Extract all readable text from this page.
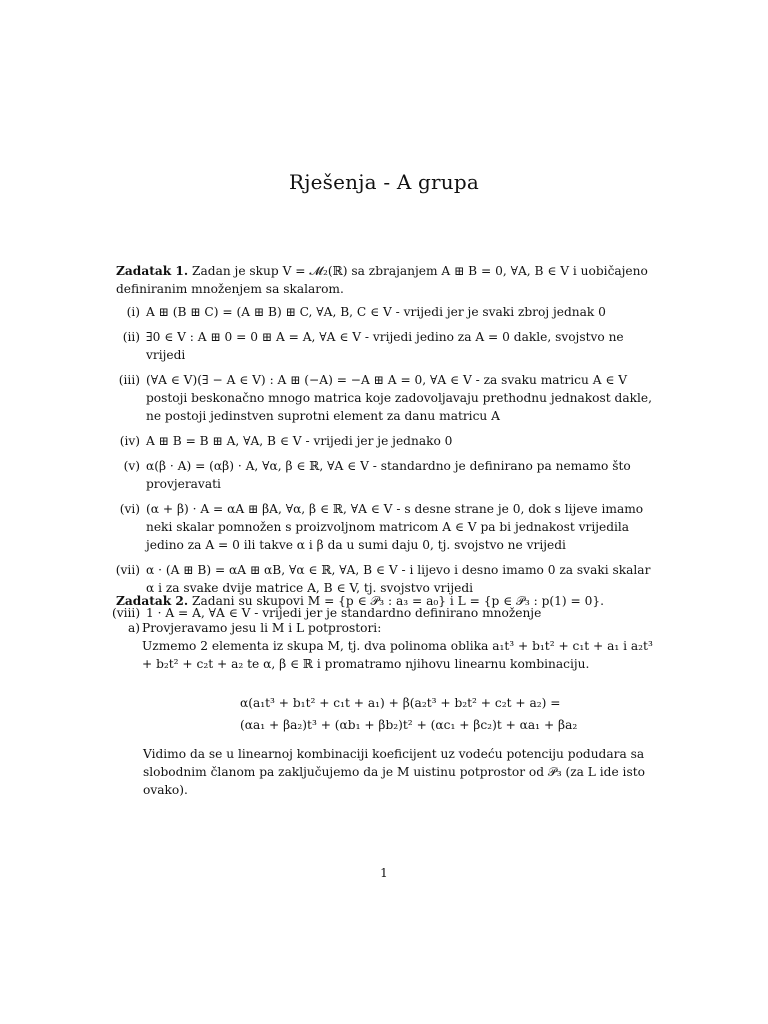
Rješenja - A grupa
Zadatak 1. Zadan je skup V = 𝓜₂(ℝ) sa zbrajanjem A ⊞ B = 0, ∀A, B ∈ V i uobičajeno definiranim množenjem sa skalarom.
(i) A ⊞ (B ⊞ C) = (A ⊞ B) ⊞ C, ∀A, B, C ∈ V - vrijedi jer je svaki zbroj jednak 0
(ii) ∃0 ∈ V : A ⊞ 0 = 0 ⊞ A = A, ∀A ∈ V - vrijedi jedino za A = 0 dakle, svojstvo ne vrijedi
(iii) (∀A ∈ V)(∃ − A ∈ V) : A ⊞ (−A) = −A ⊞ A = 0, ∀A ∈ V - za svaku matricu A ∈ V postoji beskonačno mnogo matrica koje zadovoljavaju prethodnu jednakost dakle, ne postoji jedinstven suprotni element za danu matricu A
(iv) A ⊞ B = B ⊞ A, ∀A, B ∈ V - vrijedi jer je jednako 0
(v) α(β · A) = (αβ) · A, ∀α, β ∈ ℝ, ∀A ∈ V - standardno je definirano pa nemamo što provjeravati
(vi) (α + β) · A = αA ⊞ βA, ∀α, β ∈ ℝ, ∀A ∈ V - s desne strane je 0, dok s lijeve imamo neki skalar pomnožen s proizvoljnom matricom A ∈ V pa bi jednakost vrijedila jedino za A = 0 ili takve α i β da u sumi daju 0, tj. svojstvo ne vrijedi
(vii) α · (A ⊞ B) = αA ⊞ αB, ∀α ∈ ℝ, ∀A, B ∈ V - i lijevo i desno imamo 0 za svaki skalar α i za svake dvije matrice A, B ∈ V, tj. svojstvo vrijedi
(viii) 1 · A = A, ∀A ∈ V - vrijedi jer je standardno definirano množenje
Zadatak 2. Zadani su skupovi M = {p ∈ 𝒫₃ : a₃ = a₀} i L = {p ∈ 𝒫₃ : p(1) = 0}.
a) Provjeravamo jesu li M i L potprostori:
Uzmemo 2 elementa iz skupa M, tj. dva polinoma oblika a₁t³ + b₁t² + c₁t + a₁ i a₂t³ + b₂t² + c₂t + a₂ te α, β ∈ ℝ i promatramo njihovu linearnu kombinaciju.
α(a₁t³ + b₁t² + c₁t + a₁) + β(a₂t³ + b₂t² + c₂t + a₂) =
(αa₁ + βa₂)t³ + (αb₁ + βb₂)t² + (αc₁ + βc₂)t + αa₁ + βa₂
Vidimo da se u linearnoj kombinaciji koeficijent uz vodeću potenciju podudara sa slobodnim članom pa zaključujemo da je M uistinu potprostor od 𝒫₃ (za L ide isto ovako).
1
